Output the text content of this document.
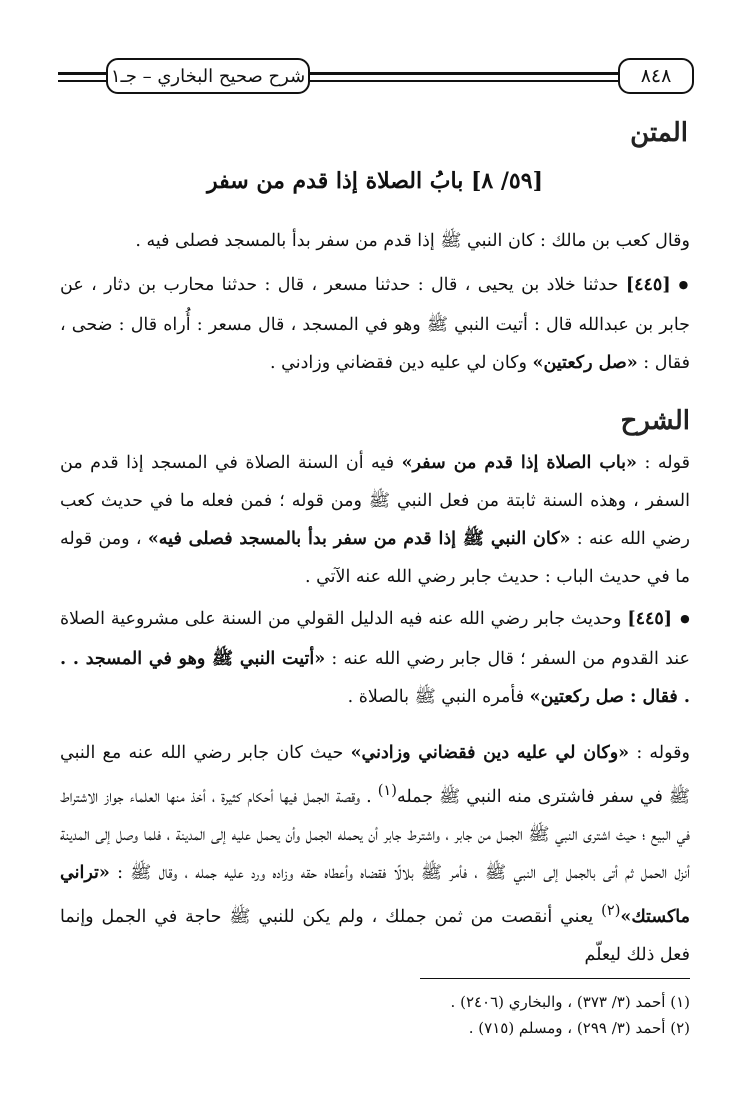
٨٤٨
شرح صحيح البخاري – جـ١
المتن
[٥٩/ ٨] بابُ الصلاة إذا قدم من سفر
وقال كعب بن مالك : كان النبي ﷺ إذا قدم من سفر بدأ بالمسجد فصلى فيه .
● [٤٤٥] حدثنا خلاد بن يحيى ، قال : حدثنا مسعر ، قال : حدثنا محارب بن دثار ، عن جابر بن عبدالله قال : أتيت النبي ﷺ وهو في المسجد ، قال مسعر : أُراه قال : ضحى ، فقال : «صل ركعتين» وكان لي عليه دين فقضاني وزادني .
الشرح
قوله : «باب الصلاة إذا قدم من سفر» فيه أن السنة الصلاة في المسجد إذا قدم من السفر ، وهذه السنة ثابتة من فعل النبي ﷺ ومن قوله ؛ فمن فعله ما في حديث كعب رضي الله عنه : «كان النبي ﷺ إذا قدم من سفر بدأ بالمسجد فصلى فيه» ، ومن قوله ما في حديث الباب : حديث جابر رضي الله عنه الآتي .
● [٤٤٥] وحديث جابر رضي الله عنه فيه الدليل القولي من السنة على مشروعية الصلاة عند القدوم من السفر ؛ قال جابر رضي الله عنه : «أتيت النبي ﷺ وهو في المسجد . . . فقال : صل ركعتين» فأمره النبي ﷺ بالصلاة .
وقوله : «وكان لي عليه دين فقضاني وزادني» حيث كان جابر رضي الله عنه مع النبي ﷺ في سفر فاشترى منه النبي ﷺ جمله$^{(١)}$ . وقصة الجمل فيها أحكام كثيرة ، أخذ منها العلماء جواز الاشتراط في البيع ؛ حيث اشترى النبي ﷺ الجمل من جابر ، واشترط جابر أن يحمله الجمل وأن يحمل عليه إلى المدينة ، فلما وصل إلى المدينة أنزل الحمل ثم أتى بالجمل إلى النبي ﷺ ، فأمر ﷺ بلالًا فقضاه وأعطاه حقه وزاده ورد عليه جمله ، وقال ﷺ : «تراني ماكستك»$^{(٢)}$ يعني أنقصت من ثمن جملك ، ولم يكن للنبي ﷺ حاجة في الجمل وإنما فعل ذلك ليعلّم
(١) أحمد (٣/ ٣٧٣) ، والبخاري (٢٤٠٦) .
(٢) أحمد (٣/ ٢٩٩) ، ومسلم (٧١٥) .
